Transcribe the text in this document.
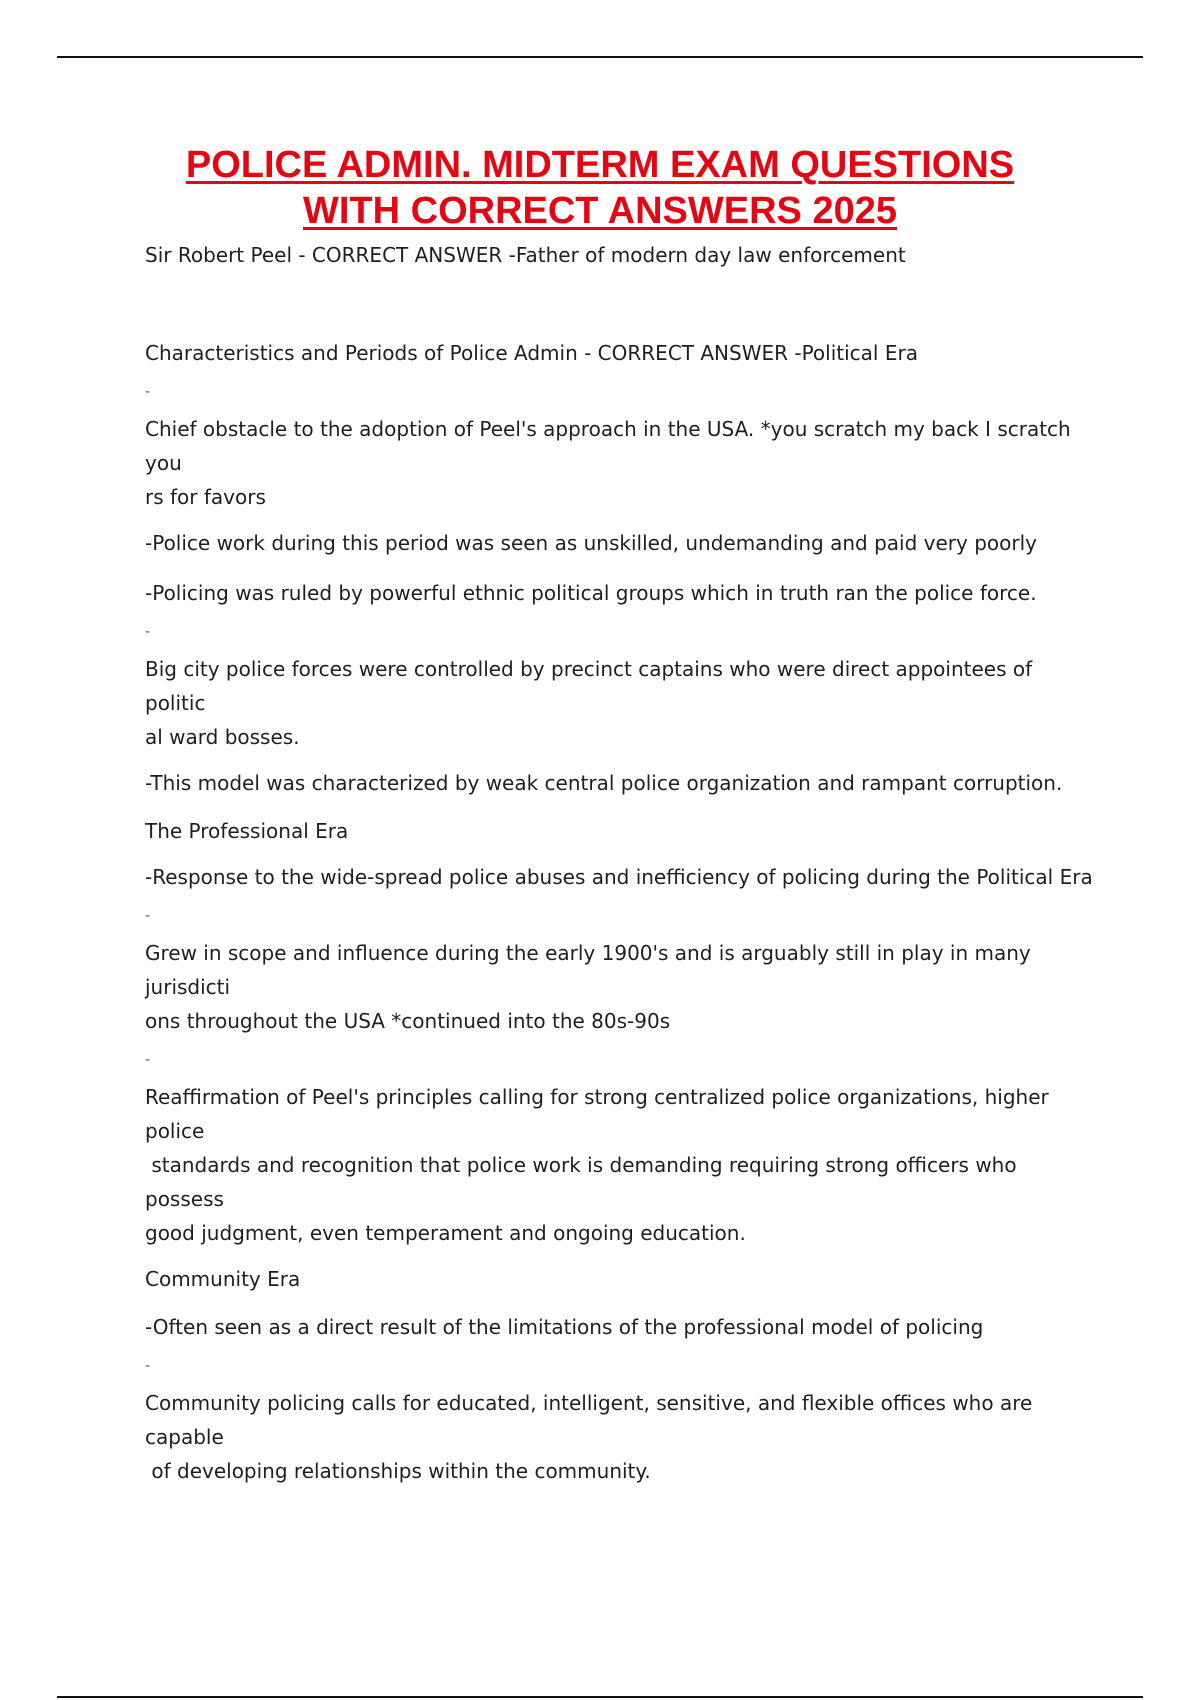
POLICE ADMIN. MIDTERM EXAM QUESTIONS
WITH CORRECT ANSWERS 2025

Sir Robert Peel - CORRECT ANSWER -Father of modern day law enforcement

Characteristics and Periods of Police Admin - CORRECT ANSWER -Political Era

-

Chief obstacle to the adoption of Peel's approach in the USA. *you scratch my back I scratch you
rs for favors

-Police work during this period was seen as unskilled, undemanding and paid very poorly

-Policing was ruled by powerful ethnic political groups which in truth ran the police force.

-

Big city police forces were controlled by precinct captains who were direct appointees of politic
al ward bosses.

-This model was characterized by weak central police organization and rampant corruption.

The Professional Era

-Response to the wide-spread police abuses and inefficiency of policing during the Political Era

-

Grew in scope and influence during the early 1900's and is arguably still in play in many jurisdicti
ons throughout the USA *continued into the 80s-90s

-

Reaffirmation of Peel's principles calling for strong centralized police organizations, higher police
standards and recognition that police work is demanding requiring strong officers who possess
good judgment, even temperament and ongoing education.

Community Era

-Often seen as a direct result of the limitations of the professional model of policing

-

Community policing calls for educated, intelligent, sensitive, and flexible offices who are capable
of developing relationships within the community.
